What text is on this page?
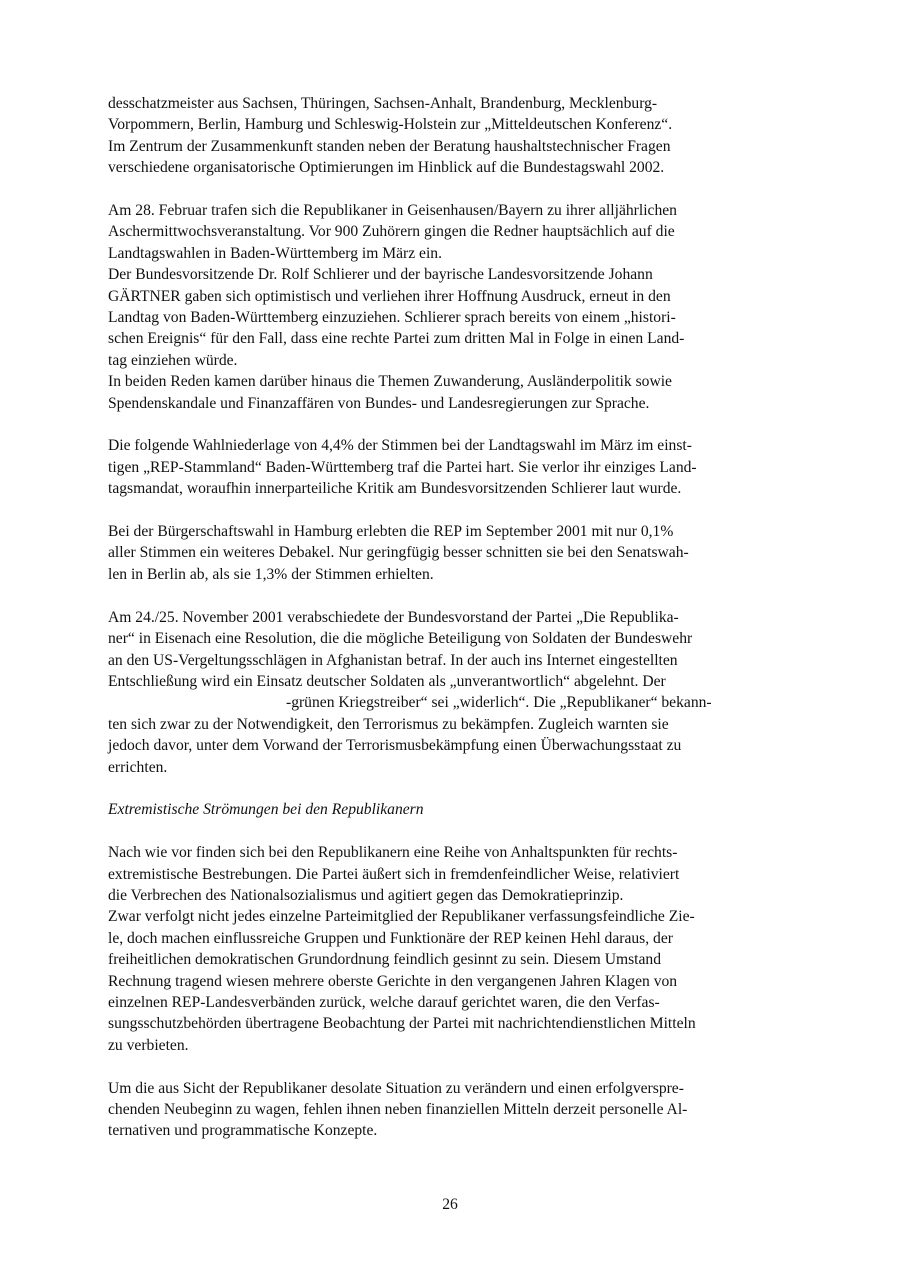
desschatzmeister aus Sachsen, Thüringen, Sachsen-Anhalt, Brandenburg, Mecklenburg-
Vorpommern, Berlin, Hamburg und Schleswig-Holstein zur „Mitteldeutschen Konferenz“.
Im Zentrum der Zusammenkunft standen neben der Beratung haushaltstechnischer Fragen
verschiedene organisatorische Optimierungen im Hinblick auf die Bundestagswahl 2002.

Am 28. Februar trafen sich die Republikaner in Geisenhausen/Bayern zu ihrer alljährlichen
Aschermittwochsveranstaltung. Vor 900 Zuhörern gingen die Redner hauptsächlich auf die
Landtagswahlen in Baden-Württemberg im März ein.
Der Bundesvorsitzende Dr. Rolf Schlierer und der bayrische Landesvorsitzende Johann
GÄRTNER gaben sich optimistisch und verliehen ihrer Hoffnung Ausdruck, erneut in den
Landtag von Baden-Württemberg einzuziehen. Schlierer sprach bereits von einem „histori-
schen Ereignis“ für den Fall, dass eine rechte Partei zum dritten Mal in Folge in einen Land-
tag einziehen würde.
In beiden Reden kamen darüber hinaus die Themen Zuwanderung, Ausländerpolitik sowie
Spendenskandale und Finanzaffären von Bundes- und Landesregierungen zur Sprache.

Die folgende Wahlniederlage von 4,4% der Stimmen bei der Landtagswahl im März im einst-
tigen „REP-Stammland“ Baden-Württemberg traf die Partei hart. Sie verlor ihr einziges Land-
tagsmandat, woraufhin innerparteiliche Kritik am Bundesvorsitzenden Schlierer laut wurde.

Bei der Bürgerschaftswahl in Hamburg erlebten die REP im September 2001 mit nur 0,1%
aller Stimmen ein weiteres Debakel. Nur geringfügig besser schnitten sie bei den Senatswah-
len in Berlin ab, als sie 1,3% der Stimmen erhielten.

Am 24./25. November 2001 verabschiedete der Bundesvorstand der Partei „Die Republika-
ner“ in Eisenach eine Resolution, die die mögliche Beteiligung von Soldaten der Bundeswehr
an den US-Vergeltungsschlägen in Afghanistan betraf. In der auch ins Internet eingestellten
Entschließung wird ein Einsatz deutscher Soldaten als „unverantwortlich“ abgelehnt. Der
-grünen Kriegstreiber“ sei „widerlich“. Die „Republikaner“ bekann-
ten sich zwar zu der Notwendigkeit, den Terrorismus zu bekämpfen. Zugleich warnten sie
jedoch davor, unter dem Vorwand der Terrorismusbekämpfung einen Überwachungsstaat zu
errichten.

Extremistische Strömungen bei den Republikanern

Nach wie vor finden sich bei den Republikanern eine Reihe von Anhaltspunkten für rechts-
extremistische Bestrebungen. Die Partei äußert sich in fremdenfeindlicher Weise, relativiert
die Verbrechen des Nationalsozialismus und agitiert gegen das Demokratieprinzip.
Zwar verfolgt nicht jedes einzelne Parteimitglied der Republikaner verfassungsfeindliche Zie-
le, doch machen einflussreiche Gruppen und Funktionäre der REP keinen Hehl daraus, der
freiheitlichen demokratischen Grundordnung feindlich gesinnt zu sein. Diesem Umstand
Rechnung tragend wiesen mehrere oberste Gerichte in den vergangenen Jahren Klagen von
einzelnen REP-Landesverbänden zurück, welche darauf gerichtet waren, die den Verfas-
sungsschutzbehörden übertragene Beobachtung der Partei mit nachrichtendienstlichen Mitteln
zu verbieten.

Um die aus Sicht der Republikaner desolate Situation zu verändern und einen erfolgverspre-
chenden Neubeginn zu wagen, fehlen ihnen neben finanziellen Mitteln derzeit personelle Al-
ternativen und programmatische Konzepte.

26
